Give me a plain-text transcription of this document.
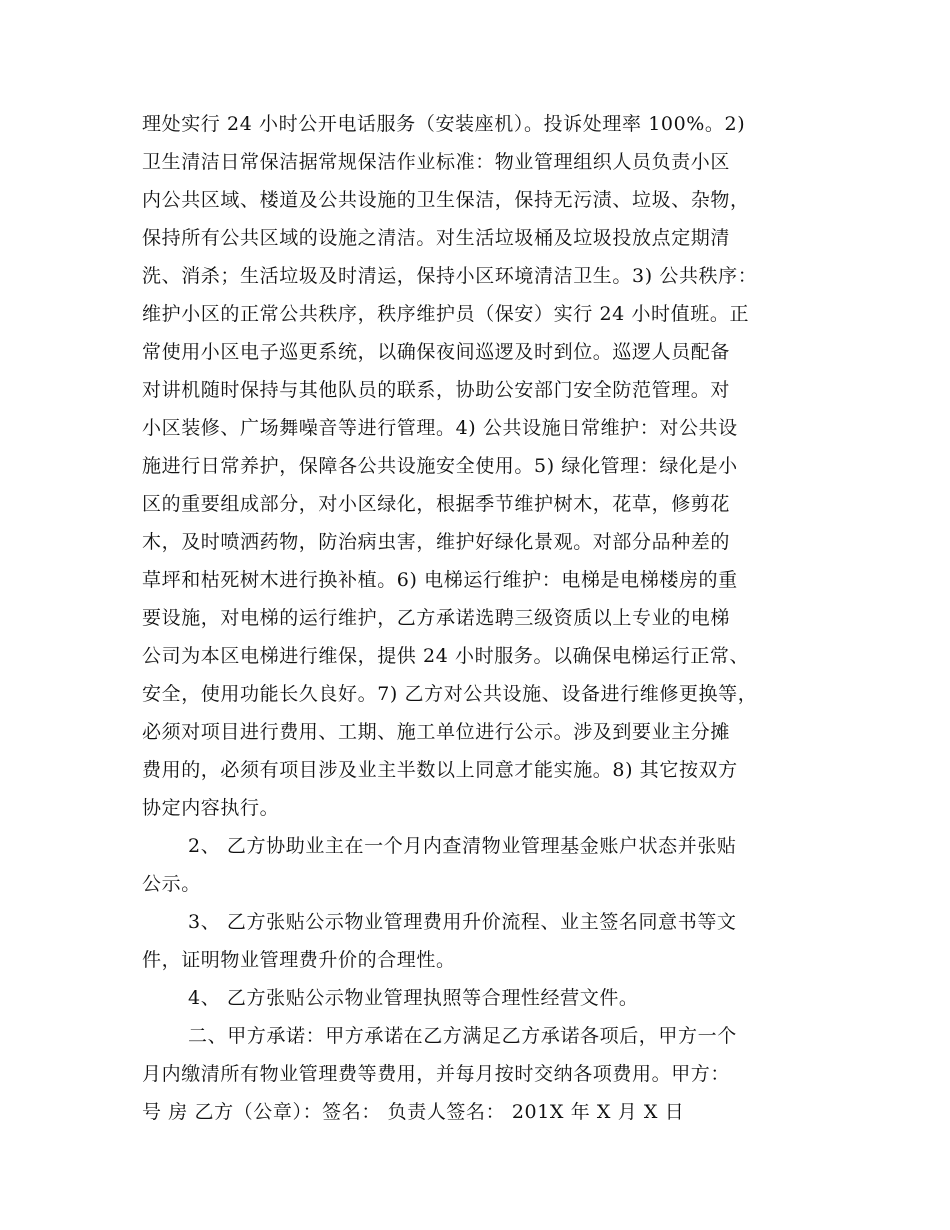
理处实行 24 小时公开电话服务（安装座机）。投诉处理率 100%。2)
卫生清洁日常保洁据常规保洁作业标准：物业管理组织人员负责小区
内公共区域、楼道及公共设施的卫生保洁，保持无污渍、垃圾、杂物，
保持所有公共区域的设施之清洁。对生活垃圾桶及垃圾投放点定期清
洗、消杀；生活垃圾及时清运，保持小区环境清洁卫生。3) 公共秩序：
维护小区的正常公共秩序，秩序维护员（保安）实行 24 小时值班。正
常使用小区电子巡更系统，以确保夜间巡逻及时到位。巡逻人员配备
对讲机随时保持与其他队员的联系，协助公安部门安全防范管理。对
小区装修、广场舞噪音等进行管理。4) 公共设施日常维护：对公共设
施进行日常养护，保障各公共设施安全使用。5) 绿化管理：绿化是小
区的重要组成部分，对小区绿化，根据季节维护树木，花草，修剪花
木，及时喷洒药物，防治病虫害，维护好绿化景观。对部分品种差的
草坪和枯死树木进行换补植。6) 电梯运行维护：电梯是电梯楼房的重
要设施，对电梯的运行维护，乙方承诺选聘三级资质以上专业的电梯
公司为本区电梯进行维保，提供 24 小时服务。以确保电梯运行正常、
安全，使用功能长久良好。7) 乙方对公共设施、设备进行维修更换等，
必须对项目进行费用、工期、施工单位进行公示。涉及到要业主分摊
费用的，必须有项目涉及业主半数以上同意才能实施。8) 其它按双方
协定内容执行。
2、 乙方协助业主在一个月内查清物业管理基金账户状态并张贴
公示。
3、 乙方张贴公示物业管理费用升价流程、业主签名同意书等文
件，证明物业管理费升价的合理性。
4、 乙方张贴公示物业管理执照等合理性经营文件。
二、甲方承诺：甲方承诺在乙方满足乙方承诺各项后，甲方一个
月内缴清所有物业管理费等费用，并每月按时交纳各项费用。甲方：
号 房 乙方（公章）：签名： 负责人签名： 201X 年 X 月 X 日
